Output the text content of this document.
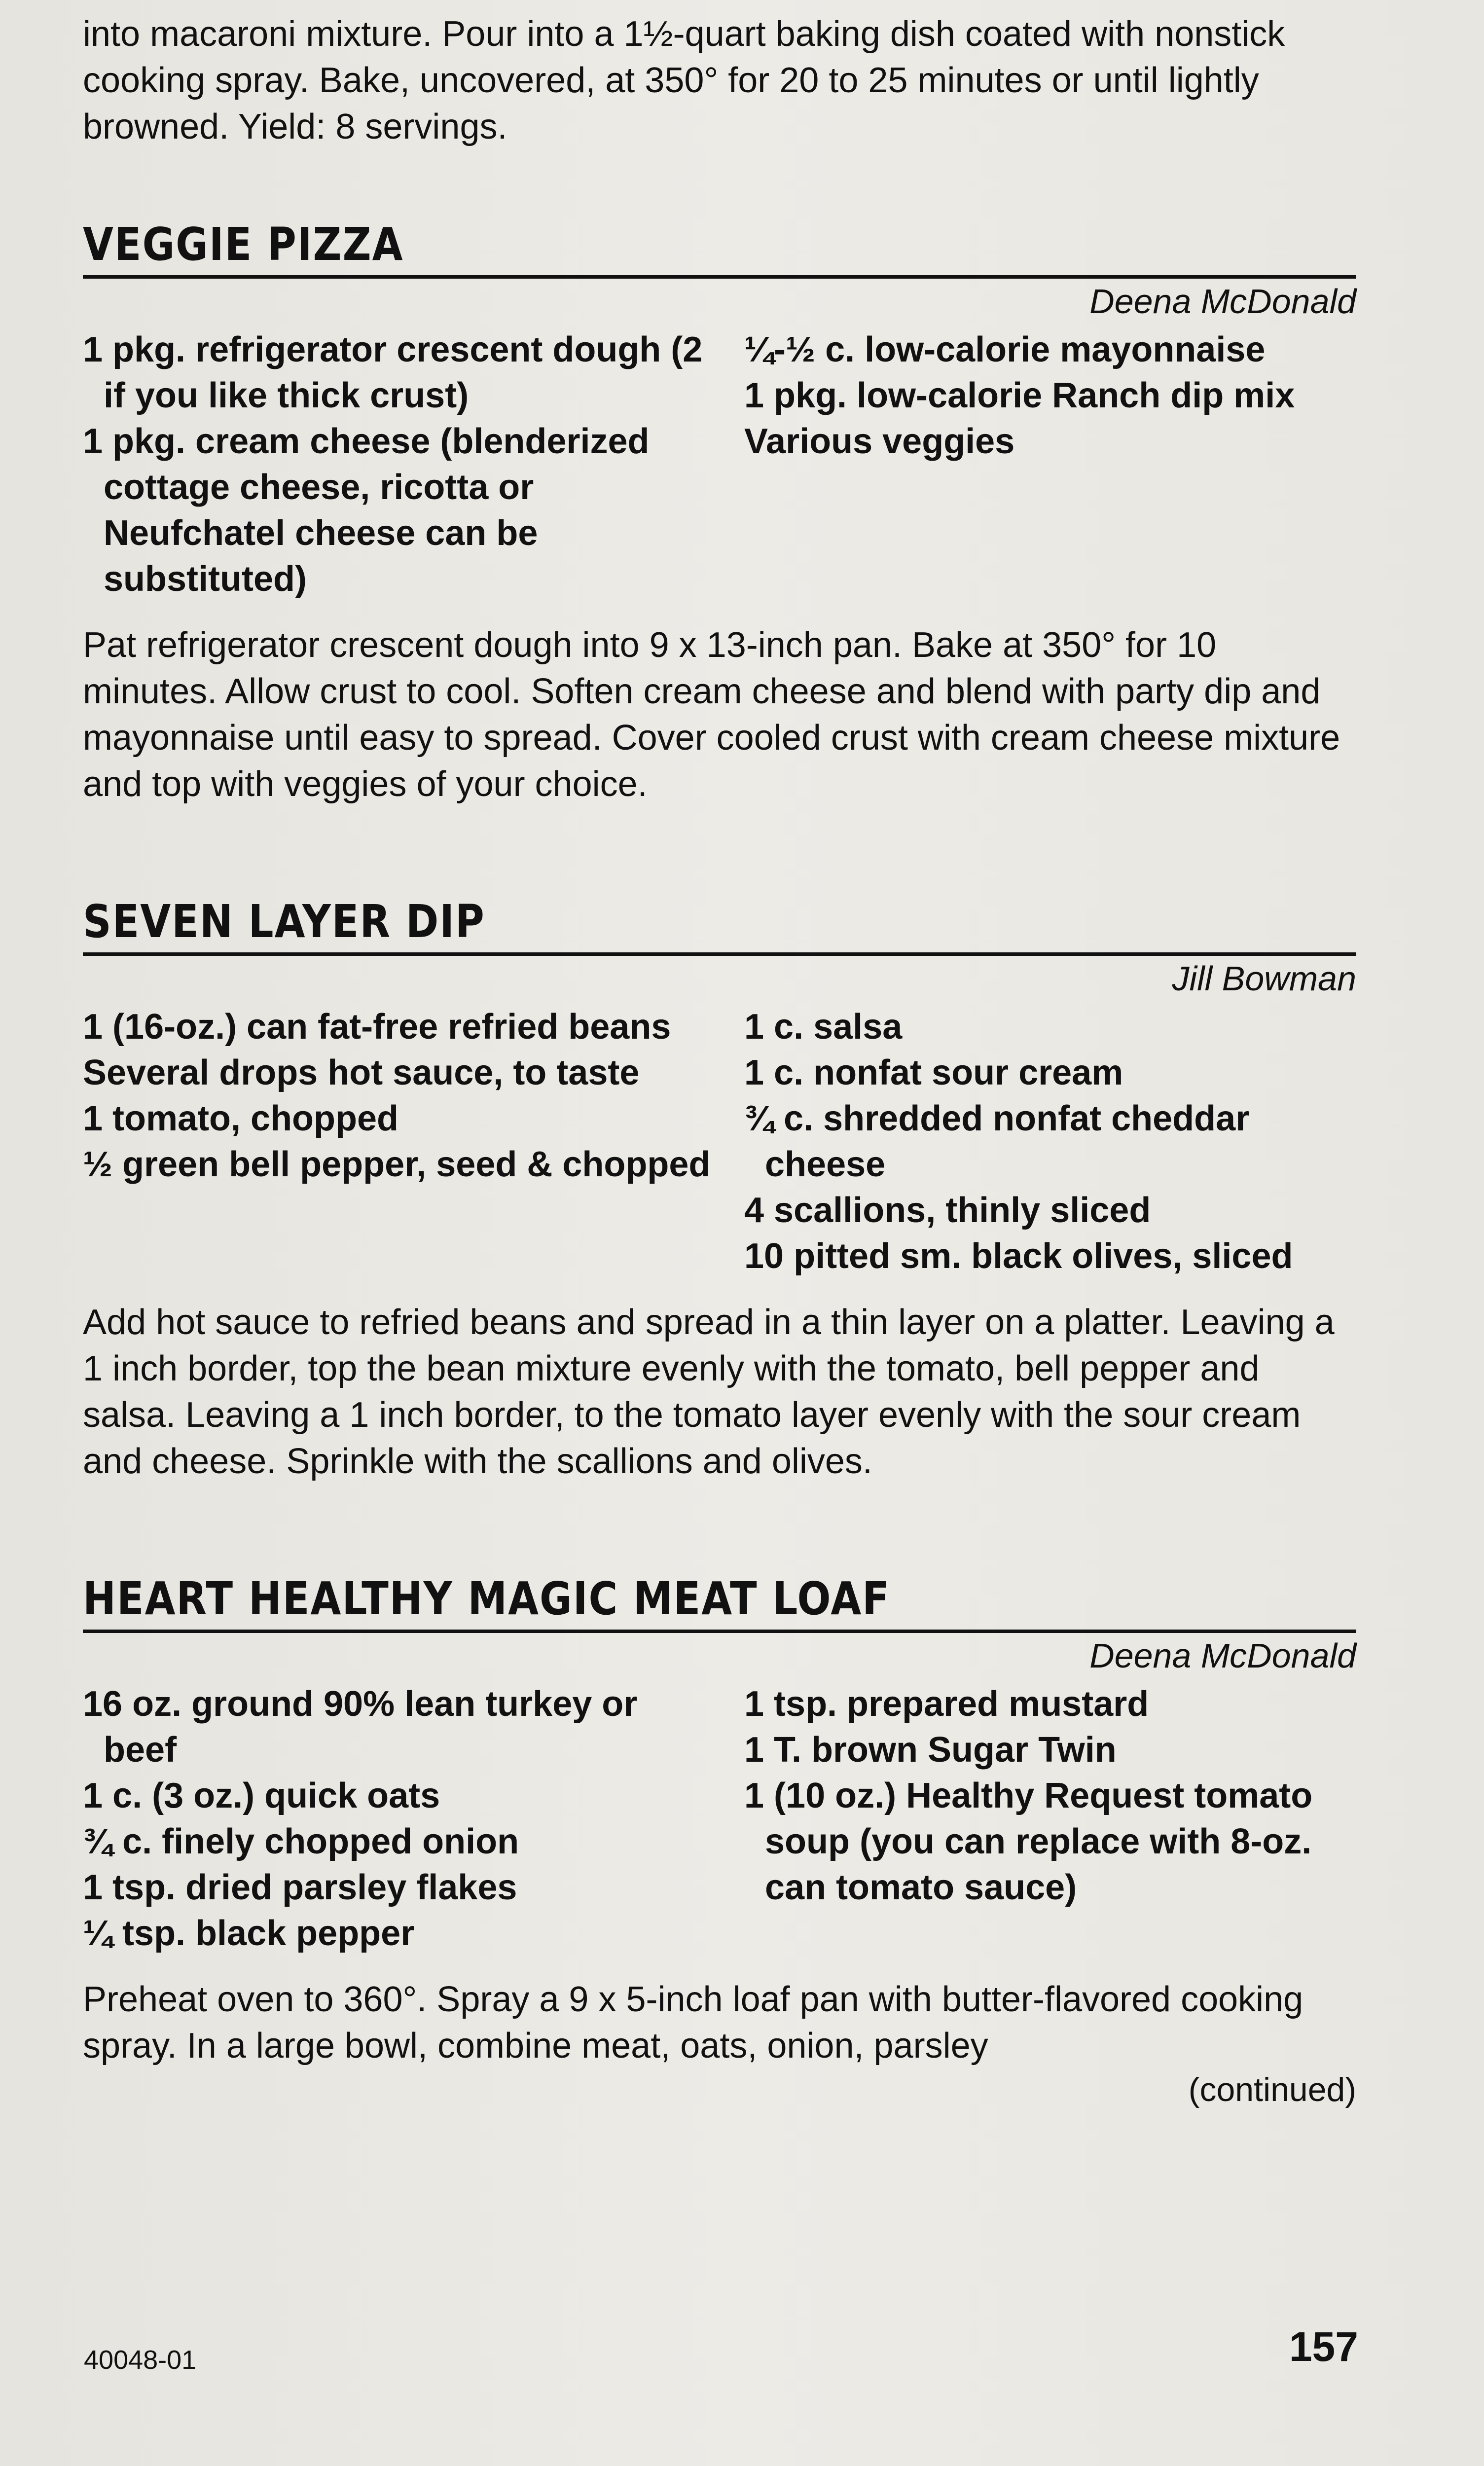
into macaroni mixture. Pour into a 1½-quart baking dish coated with nonstick cooking spray. Bake, uncovered, at 350° for 20 to 25 minutes or until lightly browned. Yield: 8 servings.

VEGGIE PIZZA

Deena McDonald

1 pkg. refrigerator crescent dough (2 if you like thick crust)

1 pkg. cream cheese (blenderized cottage cheese, ricotta or Neufchatel cheese can be substituted)

¼-½ c. low-calorie mayonnaise

1 pkg. low-calorie Ranch dip mix

Various veggies

Pat refrigerator crescent dough into 9 x 13-inch pan. Bake at 350° for 10 minutes. Allow crust to cool. Soften cream cheese and blend with party dip and mayonnaise until easy to spread. Cover cooled crust with cream cheese mixture and top with veggies of your choice.

SEVEN LAYER DIP

Jill Bowman

1 (16-oz.) can fat-free refried beans

Several drops hot sauce, to taste

1 tomato, chopped

½ green bell pepper, seed & chopped

1 c. salsa

1 c. nonfat sour cream

¾ c. shredded nonfat cheddar cheese

4 scallions, thinly sliced

10 pitted sm. black olives, sliced

Add hot sauce to refried beans and spread in a thin layer on a platter. Leaving a 1 inch border, top the bean mixture evenly with the tomato, bell pepper and salsa. Leaving a 1 inch border, to the tomato layer evenly with the sour cream and cheese. Sprinkle with the scallions and olives.

HEART HEALTHY MAGIC MEAT LOAF

Deena McDonald

16 oz. ground 90% lean turkey or beef

1 c. (3 oz.) quick oats

¾ c. finely chopped onion

1 tsp. dried parsley flakes

¼ tsp. black pepper

1 tsp. prepared mustard

1 T. brown Sugar Twin

1 (10 oz.) Healthy Request tomato soup (you can replace with 8-oz. can tomato sauce)

Preheat oven to 360°. Spray a 9 x 5-inch loaf pan with butter-flavored cooking spray. In a large bowl, combine meat, oats, onion, parsley

(continued)

40048-01	157
